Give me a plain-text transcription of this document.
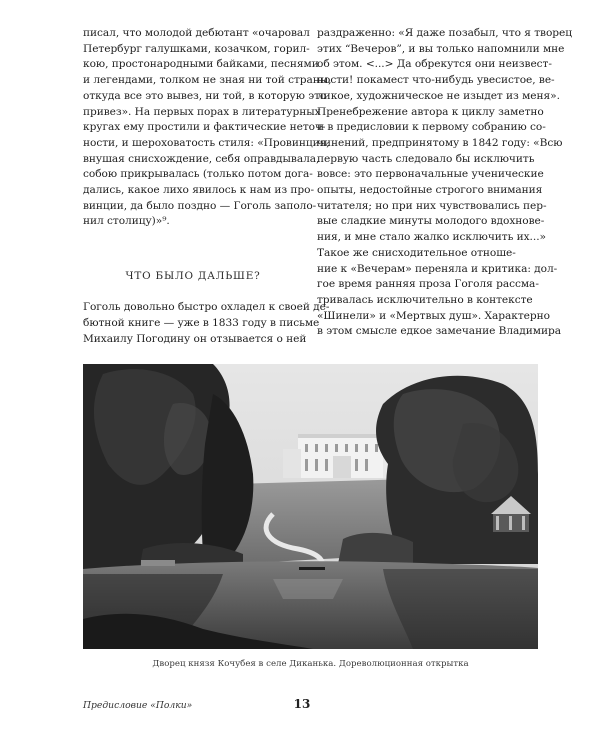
писал, что молодой дебютант «очаровал

Петербург галушками, козачком, горил-

кою, простонародными байками, песнями

и легендами, толком не зная ни той страны,

откуда все это вывез, ни той, в которую это

привез». На первых порах в литературных

кругах ему простили и фактические неточ-

ности, и шероховатость стиля: «Провинция,

внушая снисхождение, себя оправдывала,

собою прикрывалась (только потом дога-

дались, какое лихо явилось к нам из про-

винции, да было поздно — Гоголь заполо-

нил столицу)»⁹.

ЧТО БЫЛО ДАЛЬШЕ?

Гоголь довольно быстро охладел к своей де-

бютной книге — уже в 1833 году в письме

Михаилу Погодину он отзывается о ней

раздраженно: «Я даже позабыл, что я творец

этих “Вечеров”, и вы только напомнили мне

об этом. <...> Да обрекутся они неизвест-

ности! покамест что-нибудь увесистое, ве-

ликое, художническое не изыдет из меня».

Пренебрежение автора к циклу заметно

и в предисловии к первому собранию со-

чинений, предпринятому в 1842 году: «Всю

первую часть следовало бы исключить

вовсе: это первоначальные ученические

опыты, недостойные строгого внимания

читателя; но при них чувствовались пер-

вые сладкие минуты молодого вдохнове-

ния, и мне стало жалко исключить их...»

Такое же снисходительное отноше-

ние к «Вечерам» переняла и критика: дол-

гое время ранняя проза Гоголя рассма-

тривалась исключительно в контексте

«Шинели» и «Мертвых душ». Характерно

в этом смысле едкое замечание Владимира

Дворец князя Кочубея в селе Диканька. Дореволюционная открытка

Предисловие «Полки»	13
